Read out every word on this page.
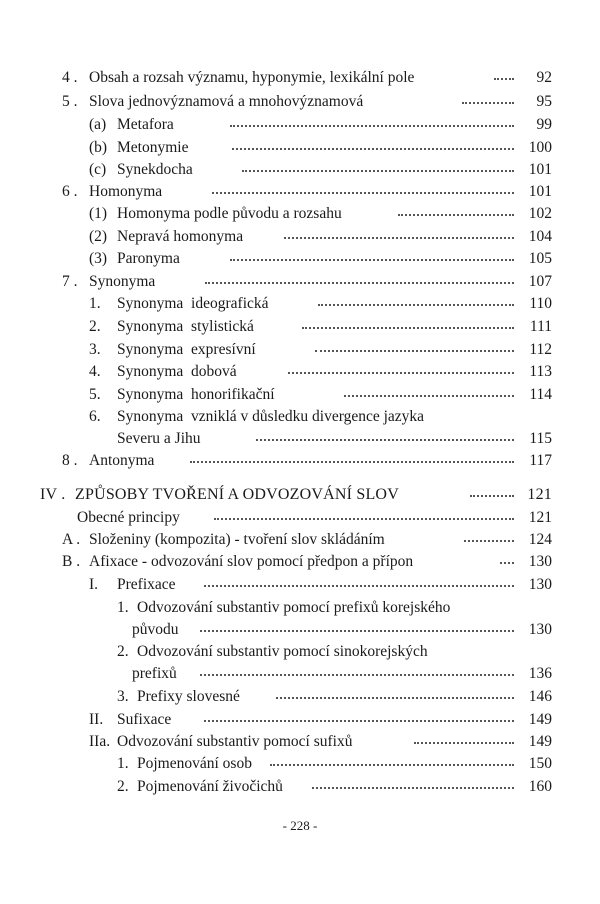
4 . Obsah a rozsah významu, hyponymie, lexikální pole	92
5 . Slova jednovýznamová a mnohovýznamová	95
(a) Metafora	99
(b) Metonymie	100
(c) Synekdocha	101
6 . Homonyma	101
(1) Homonyma podle původu a rozsahu	102
(2) Nepravá homonyma	104
(3) Paronyma	105
7 . Synonyma	107
1. Synonyma  ideografická	110
2. Synonyma  stylistická	111
3. Synonyma  expresívní	112
4. Synonyma  dobová	113
5. Synonyma  honorifikační	114
6. Synonyma  vzniklá v důsledku divergence jazyka
Severu a Jihu	115
8 . Antonyma	117
IV . ZPŮSOBY TVOŘENÍ A ODVOZOVÁNÍ SLOV	121
Obecné principy	121
A . Složeniny (kompozita) - tvoření slov skládáním	124
B . Afixace - odvozování slov pomocí předpon a přípon	130
I. Prefixace	130
1. Odvozování substantiv pomocí prefixů korejského
původu	130
2. Odvozování substantiv pomocí sinokorejských
prefixů	136
3. Prefixy slovesné	146
II. Sufixace	149
IIa. Odvozování substantiv pomocí sufixů	149
1. Pojmenování osob	150
2. Pojmenování živočichů	160
- 228 -
